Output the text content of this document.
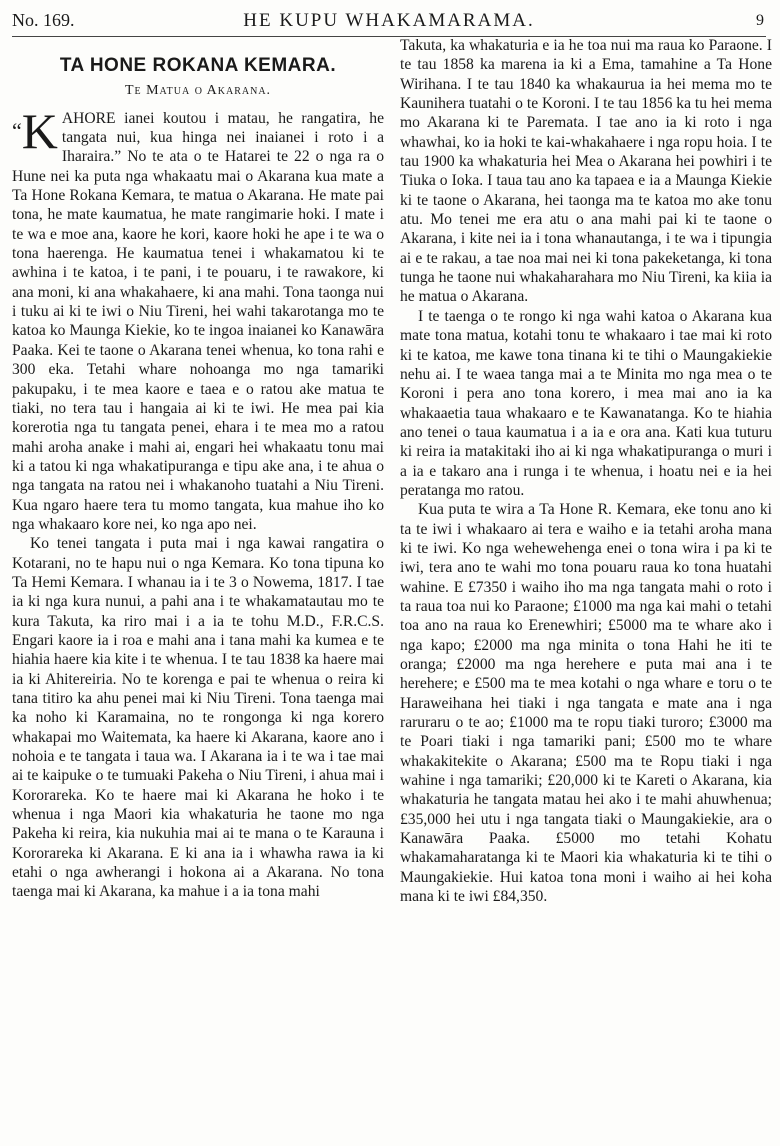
No. 169.	HE KUPU WHAKAMARAMA.	9
TA HONE ROKANA KEMARA.
Te Matua o Akarana.

“K AHORE ianei koutou i matau, he rangatira, he tangata nui, kua hinga nei inaianei i roto i a Iharaira.” No te ata o te Hatarei te 22 o nga ra o Hune nei ka puta nga whakaatu mai o Akarana kua mate a Ta Hone Rokana Kemara, te matua o Akarana. He mate pai tona, he mate kaumatua, he mate rangimarie hoki. I mate i te wa e moe ana, kaore he kori, kaore hoki he ape i te wa o tona haerenga. He kaumatua tenei i whakamatou ki te awhina i te katoa, i te pani, i te pouaru, i te rawakore, ki ana moni, ki ana whakahaere, ki ana mahi. Tona taonga nui i tuku ai ki te iwi o Niu Tireni, hei wahi takarotanga mo te katoa ko Maunga Kiekie, ko te ingoa inaianei ko Kanawāra Paaka. Kei te taone o Akarana tenei whenua, ko tona rahi e 300 eka. Tetahi whare nohoanga mo nga tamariki pakupaku, i te mea kaore e taea e o ratou ake matua te tiaki, no tera tau i hangaia ai ki te iwi. He mea pai kia korerotia nga tu tangata penei, ehara i te mea mo a ratou mahi aroha anake i mahi ai, engari hei whakaatu tonu mai ki a tatou ki nga whakatipuranga e tipu ake ana, i te ahua o nga tangata na ratou nei i whakanoho tuatahi a Niu Tireni. Kua ngaro haere tera tu momo tangata, kua mahue iho ko nga whakaaro kore nei, ko nga apo nei.

Ko tenei tangata i puta mai i nga kawai rangatira o Kotarani, no te hapu nui o nga Kemara. Ko tona tipuna ko Ta Hemi Kemara. I whanau ia i te 3 o Nowema, 1817. I tae ia ki nga kura nunui, a pahi ana i te whakamatautau mo te kura Takuta, ka riro mai i a ia te tohu M.D., F.R.C.S. Engari kaore ia i roa e mahi ana i tana mahi ka kumea e te hiahia haere kia kite i te whenua. I te tau 1838 ka haere mai ia ki Ahitereiria. No te korenga e pai te whenua o reira ki tana titiro ka ahu penei mai ki Niu Tireni. Tona taenga mai ka noho ki Karamaina, no te rongonga ki nga korero whakapai mo Waitemata, ka haere ki Akarana, kaore ano i nohoia e te tangata i taua wa. I Akarana ia i te wa i tae mai ai te kaipuke o te tumuaki Pakeha o Niu Tireni, i ahua mai i Kororareka. Ko te haere mai ki Akarana he hoko i te whenua i nga Maori kia whakaturia he taone mo nga Pakeha ki reira, kia nukuhia mai ai te mana o te Karauna i Kororareka ki Akarana. E ki ana ia i whawha rawa ia ki etahi o nga awherangi i hokona ai a Akarana. No tona taenga mai ki Akarana, ka mahue i a ia tona mahi

Takuta, ka whakaturia e ia he toa nui ma raua ko Paraone. I te tau 1858 ka marena ia ki a Ema, tamahine a Ta Hone Wirihana. I te tau 1840 ka whakaurua ia hei mema mo te Kaunihera tuatahi o te Koroni. I te tau 1856 ka tu hei mema mo Akarana ki te Paremata. I tae ano ia ki roto i nga whawhai, ko ia hoki te kai-whakahaere i nga ropu hoia. I te tau 1900 ka whakaturia hei Mea o Akarana hei powhiri i te Tiuka o Ioka. I taua tau ano ka tapaea e ia a Maunga Kiekie ki te taone o Akarana, hei taonga ma te katoa mo ake tonu atu. Mo tenei me era atu o ana mahi pai ki te taone o Akarana, i kite nei ia i tona whanautanga, i te wa i tipungia ai e te rakau, a tae noa mai nei ki tona pakeketanga, ki tona tunga he taone nui whakaharahara mo Niu Tireni, ka kiia ia he matua o Akarana.

I te taenga o te rongo ki nga wahi katoa o Akarana kua mate tona matua, kotahi tonu te whakaaro i tae mai ki roto ki te katoa, me kawe tona tinana ki te tihi o Maungakiekie nehu ai. I te waea tanga mai a te Minita mo nga mea o te Koroni i pera ano tona korero, i mea mai ano ia ka whakaaetia taua whakaaro e te Kawanatanga. Ko te hiahia ano tenei o taua kaumatua i a ia e ora ana. Kati kua tuturu ki reira ia matakitaki iho ai ki nga whakatipuranga o muri i a ia e takaro ana i runga i te whenua, i hoatu nei e ia hei peratanga mo ratou.

Kua puta te wira a Ta Hone R. Kemara, eke tonu ano ki ta te iwi i whakaaro ai tera e waiho e ia tetahi aroha mana ki te iwi. Ko nga wehewehenga enei o tona wira i pa ki te iwi, tera ano te wahi mo tona pouaru raua ko tona huatahi wahine. E £7350 i waiho iho ma nga tangata mahi o roto i ta raua toa nui ko Paraone; £1000 ma nga kai mahi o tetahi toa ano na raua ko Erenewhiri; £5000 ma te whare ako i nga kapo; £2000 ma nga minita o tona Hahi he iti te oranga; £2000 ma nga herehere e puta mai ana i te herehere; e £500 ma te mea kotahi o nga whare e toru o te Haraweihana hei tiaki i nga tangata e mate ana i nga raruraru o te ao; £1000 ma te ropu tiaki turoro; £3000 ma te Poari tiaki i nga tamariki pani; £500 mo te whare whakakitekite o Akarana; £500 ma te Ropu tiaki i nga wahine i nga tamariki; £20,000 ki te Kareti o Akarana, kia whakaturia he tangata matau hei ako i te mahi ahuwhenua; £35,000 hei utu i nga tangata tiaki o Maungakiekie, ara o Kanawāra Paaka. £5000 mo tetahi Kohatu whakamaharatanga ki te Maori kia whakaturia ki te tihi o Maungakiekie. Hui katoa tona moni i waiho ai hei koha mana ki te iwi £84,350.
